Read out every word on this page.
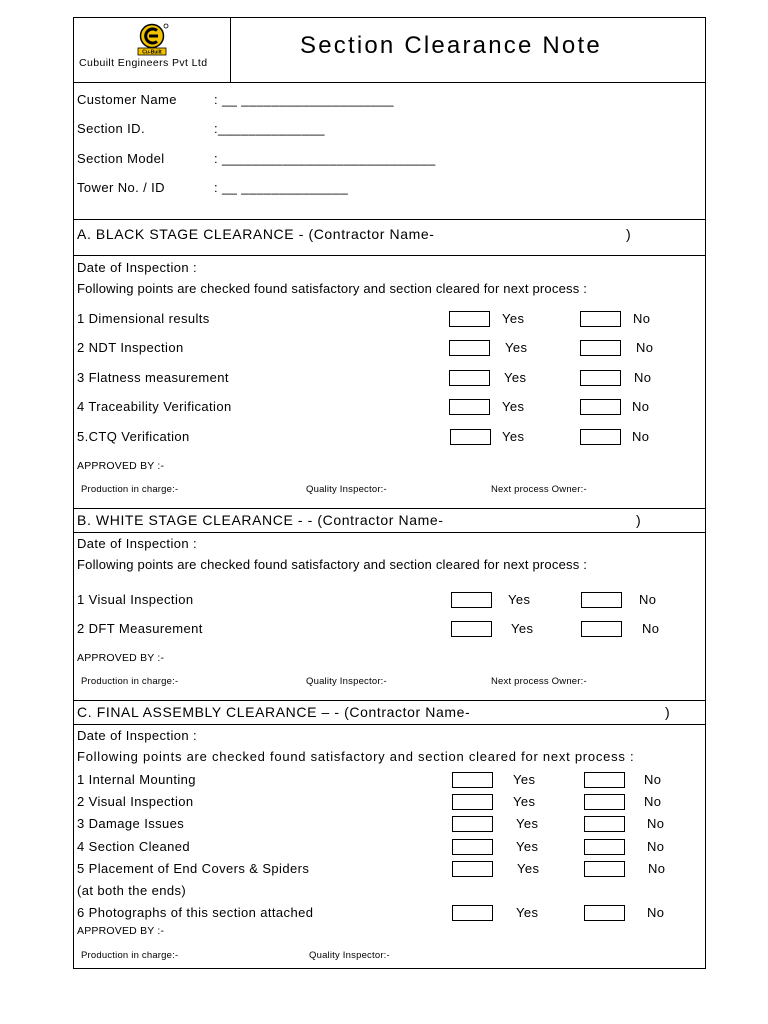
Cu-Built
Cubuilt Engineers Pvt Ltd
Section Clearance Note
Customer Name	: __ ____________________
Section ID.	:______________
Section Model	: ____________________________
Tower No. / ID	: __ ______________
A. BLACK STAGE CLEARANCE - (Contractor Name-	)
Date of Inspection :
Following points are checked found satisfactory and section cleared for next process :
1 Dimensional results	Yes	No
2 NDT Inspection	Yes	No
3 Flatness measurement	Yes	No
4 Traceability Verification	Yes	No
5.CTQ Verification	Yes	No
APPROVED BY :-
Production in charge:-	Quality Inspector:-	Next process Owner:-
B. WHITE STAGE CLEARANCE - - (Contractor Name-	)
Date of Inspection :
Following points are checked found satisfactory and section cleared for next process :
1 Visual Inspection	Yes	No
2 DFT Measurement	Yes	No
APPROVED BY :-
Production in charge:-	Quality Inspector:-	Next process Owner:-
C. FINAL ASSEMBLY CLEARANCE – - (Contractor Name-	)
Date of Inspection :
Following points are checked found satisfactory and section cleared for next process :
1 Internal Mounting	Yes	No
2 Visual Inspection	Yes	No
3 Damage Issues	Yes	No
4 Section Cleaned	Yes	No
5 Placement of End Covers & Spiders	Yes	No
(at both the ends)
6 Photographs of this section attached	Yes	No
APPROVED BY :-
Production in charge:-	Quality Inspector:-
